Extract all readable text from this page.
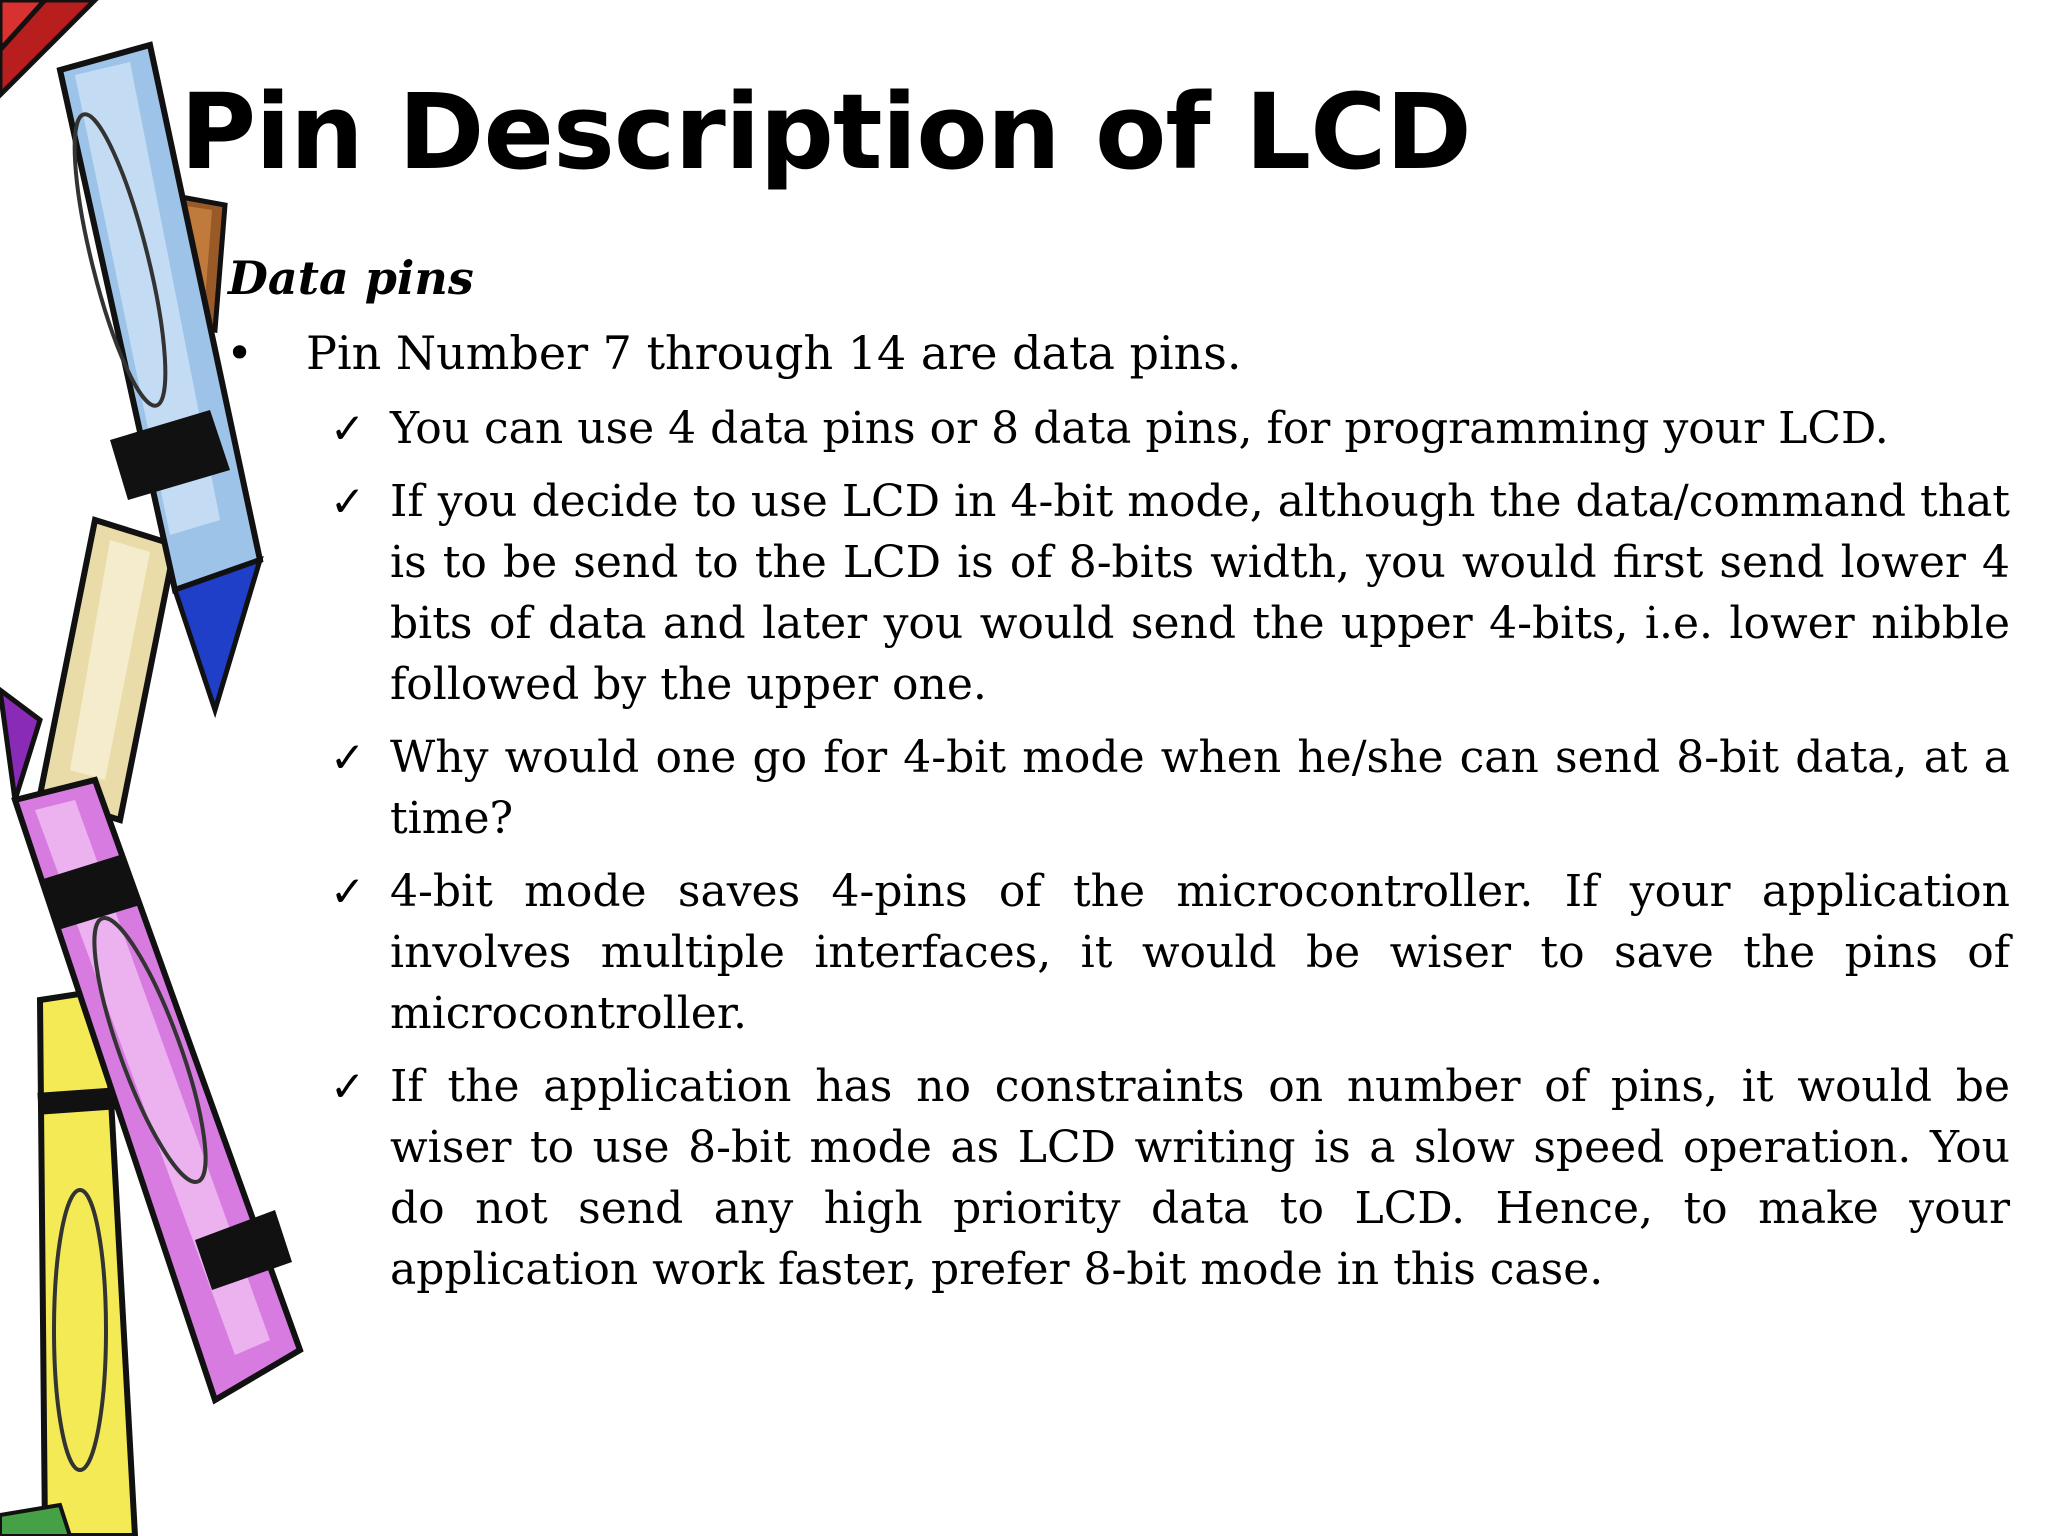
Pin Description of LCD
Data pins
• Pin Number 7 through 14 are data pins.
✓ You can use 4 data pins or 8 data pins, for programming your LCD.
✓ If you decide to use LCD in 4-bit mode, although the data/command that is to be send to the LCD is of 8-bits width, you would first send lower 4 bits of data and later you would send the upper 4-bits, i.e. lower nibble followed by the upper one.
✓ Why would one go for 4-bit mode when he/she can send 8-bit data, at a time?
✓ 4-bit mode saves 4-pins of the microcontroller. If your application involves multiple interfaces, it would be wiser to save the pins of microcontroller.
✓ If the application has no constraints on number of pins, it would be wiser to use 8-bit mode as LCD writing is a slow speed operation. You do not send any high priority data to LCD. Hence, to make your application work faster, prefer 8-bit mode in this case.
